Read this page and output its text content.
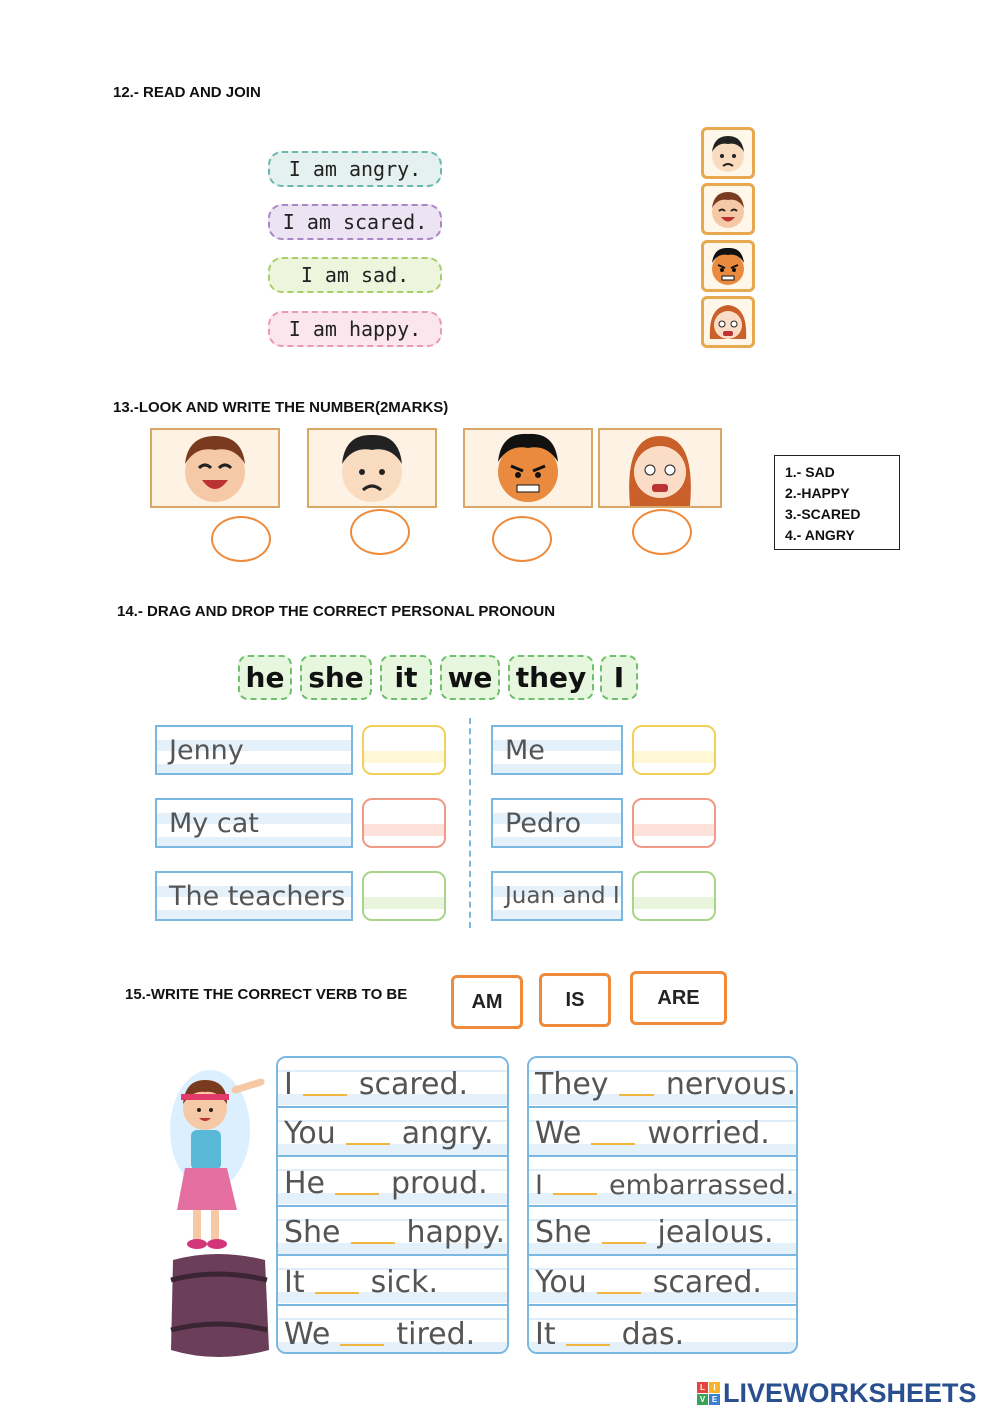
12.- READ AND JOIN
I am angry.
I am scared.
I am sad.
I am happy.
13.-LOOK AND WRITE THE NUMBER(2MARKS)
1.- SAD
2.-HAPPY
3.-SCARED
4.- ANGRY
14.- DRAG AND DROP THE CORRECT PERSONAL PRONOUN
he she	it	we they I
Jenny
My cat
The teachers
Me
Pedro
Juan and I
15.-WRITE THE CORRECT VERB TO BE	AM	IS	ARE
I scared.
You angry.
He proud.
She happy.
It sick.
We tired.
They nervous.
We worried.
I embarrassed.
She jealous.
You scared.
It das.
L	I
V E LIVEWORKSHEETS
